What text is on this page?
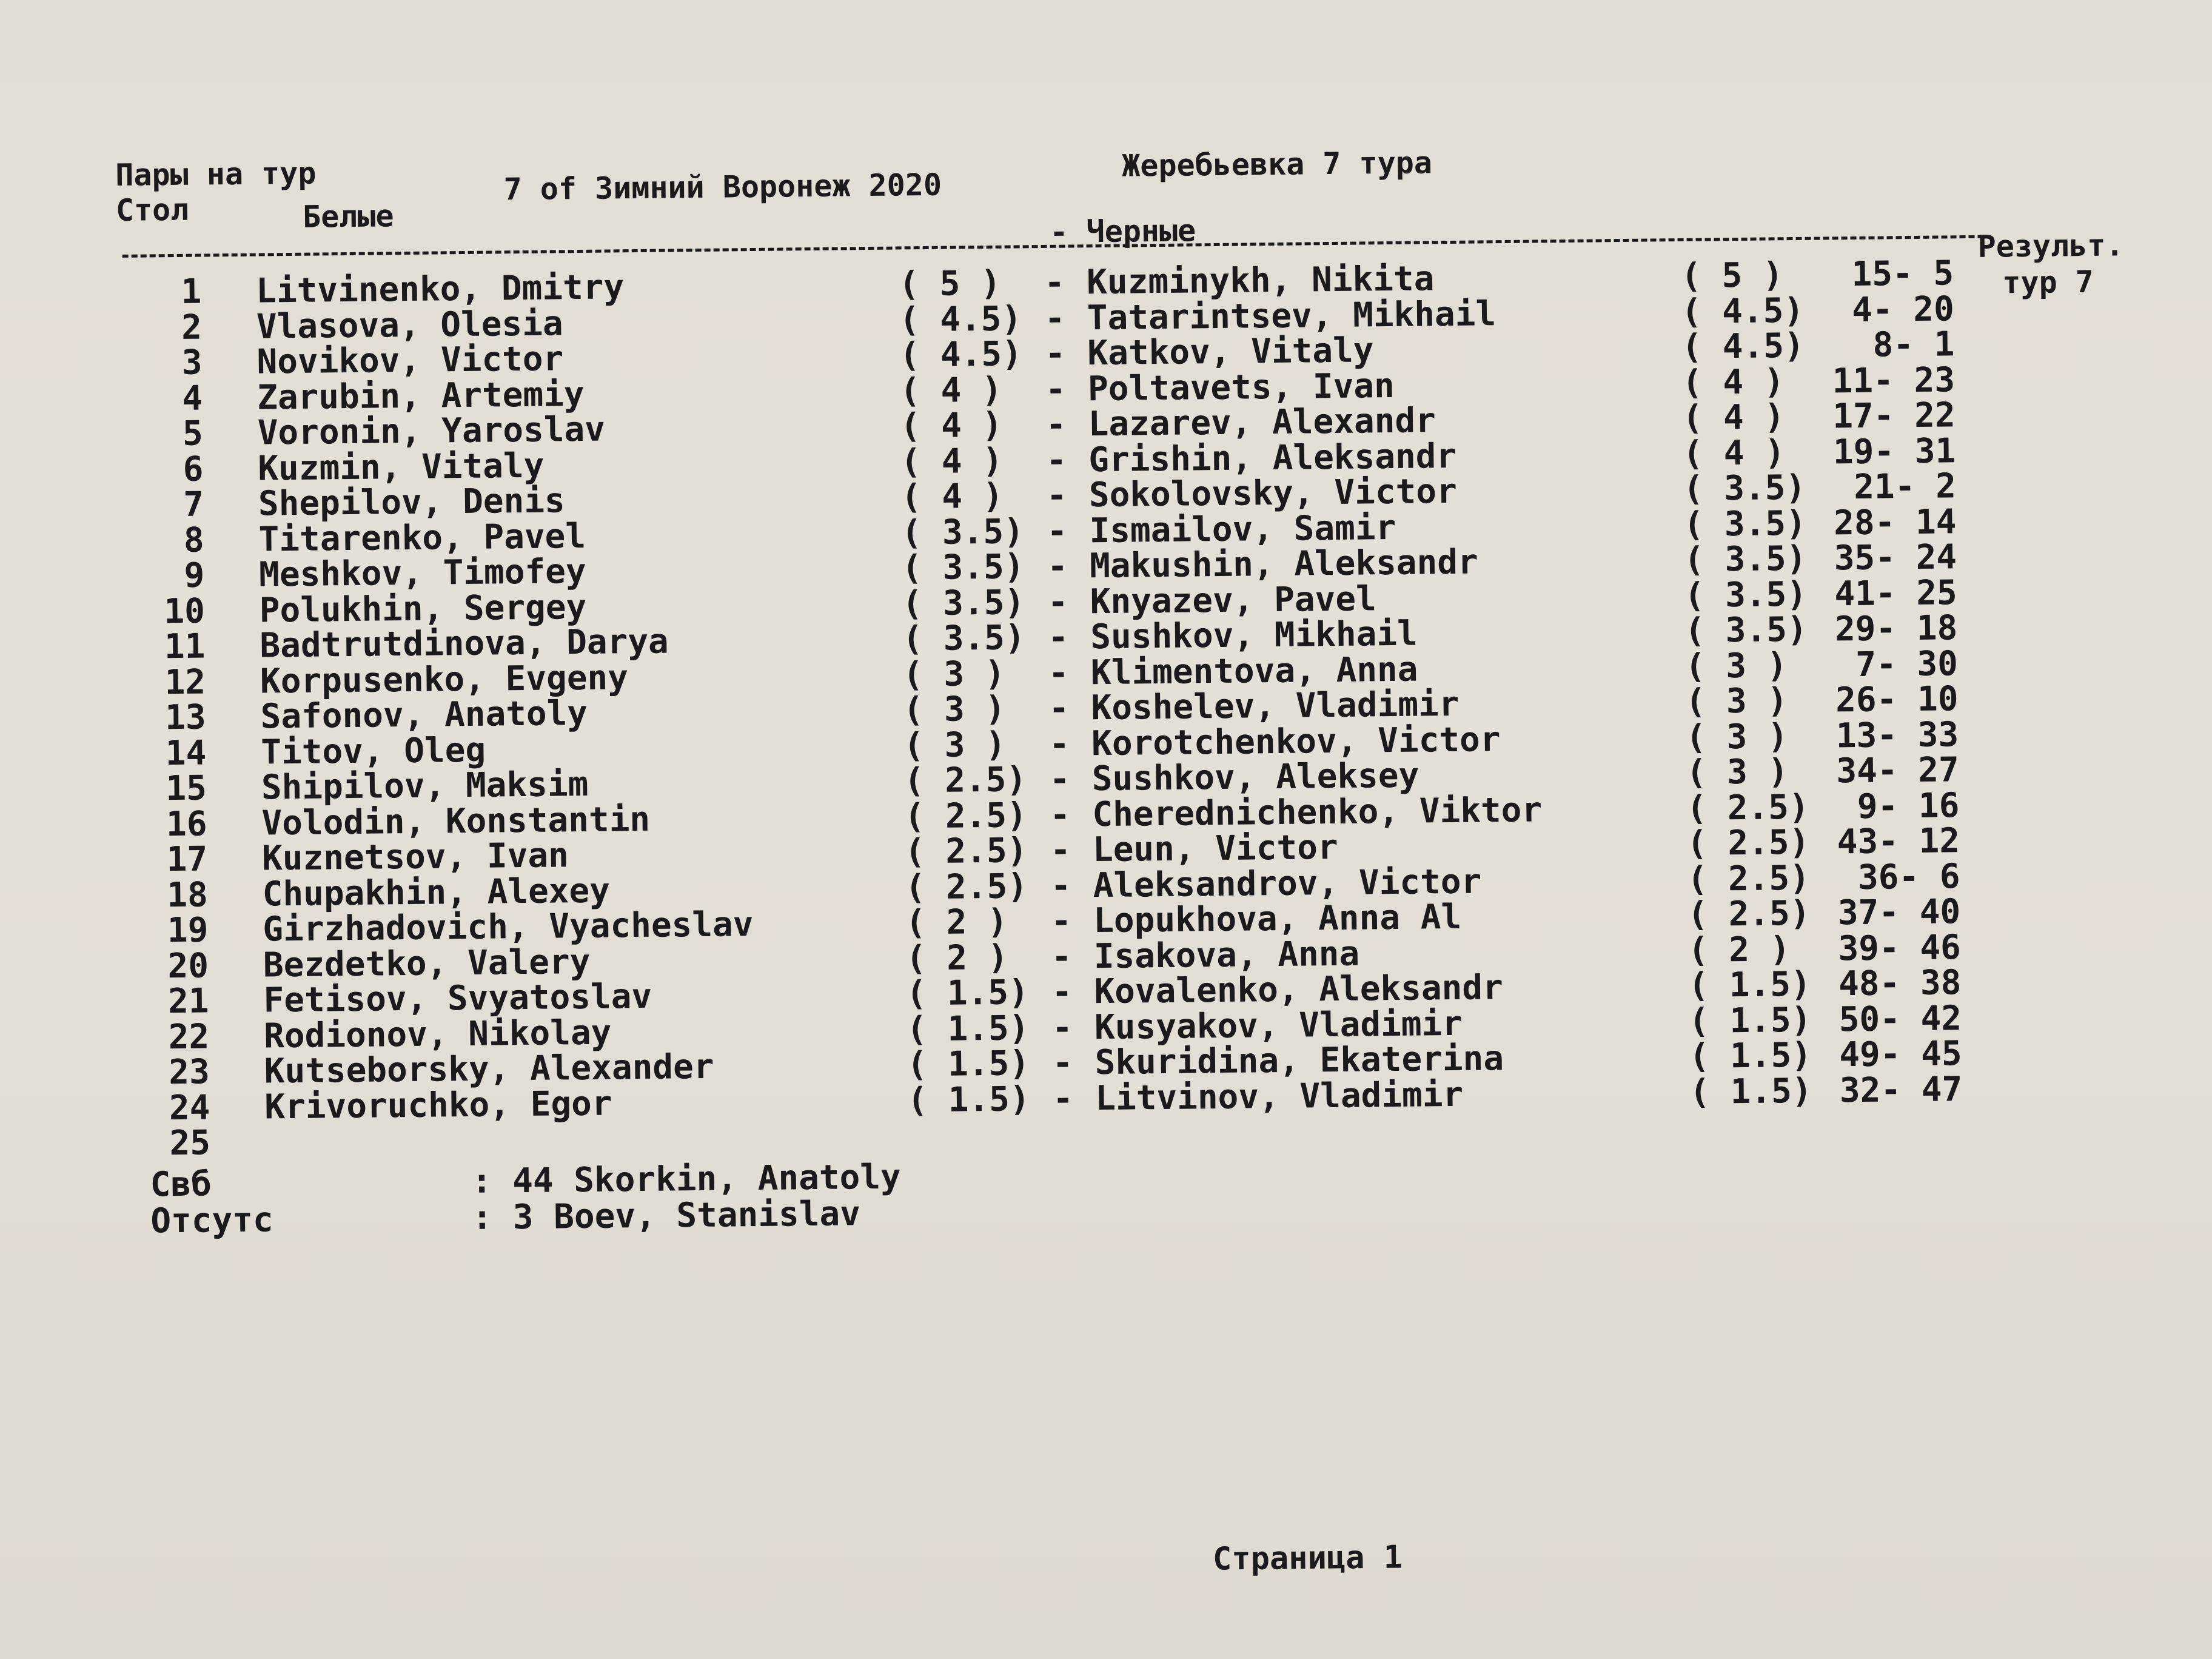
Пары на тур	7 of Зимний Воронеж 2020
Жеребьевка 7 тура
Стол	Белые	- Черные	Результ.
тур 7
1 Litvinenko, Dmitry	( 5 ) - Kuzminykh, Nikita	( 5 )	15- 5
2 Vlasova, Olesia	( 4.5) - Tatarintsev, Mikhail	( 4.5)	4- 20
3 Novikov, Victor	( 4.5) - Katkov, Vitaly	( 4.5)	8- 1
4 Zarubin, Artemiy	( 4 ) - Poltavets, Ivan	( 4 )	11- 23
5 Voronin, Yaroslav	( 4 ) - Lazarev, Alexandr	( 4 )	17- 22
6 Kuzmin, Vitaly	( 4 ) - Grishin, Aleksandr	( 4 )	19- 31
7 Shepilov, Denis	( 4 ) - Sokolovsky, Victor	( 3.5)	21- 2
8 Titarenko, Pavel	( 3.5) - Ismailov, Samir	( 3.5) 28- 14
9 Meshkov, Timofey	( 3.5) - Makushin, Aleksandr	( 3.5) 35- 24
10 Polukhin, Sergey	( 3.5) - Knyazev, Pavel	( 3.5) 41- 25
11 Badtrutdinova, Darya	( 3.5) - Sushkov, Mikhail	( 3.5) 29- 18
12 Korpusenko, Evgeny	( 3 ) - Klimentova, Anna	( 3 )	7- 30
13 Safonov, Anatoly	( 3 ) - Koshelev, Vladimir	( 3 )	26- 10
14 Titov, Oleg	( 3 ) - Korotchenkov, Victor	( 3 )	13- 33
15 Shipilov, Maksim	( 2.5) - Sushkov, Aleksey	( 3 )	34- 27
16 Volodin, Konstantin	( 2.5) - Cherednichenko, Viktor	( 2.5)	9- 16
17 Kuznetsov, Ivan	( 2.5) - Leun, Victor	( 2.5) 43- 12
18 Chupakhin, Alexey	( 2.5) - Aleksandrov, Victor	( 2.5)	36- 6
19 Girzhadovich, Vyacheslav	( 2 ) - Lopukhova, Anna Al	( 2.5) 37- 40
20 Bezdetko, Valery	( 2 ) - Isakova, Anna	( 2 )	39- 46
21 Fetisov, Svyatoslav	( 1.5) - Kovalenko, Aleksandr	( 1.5) 48- 38
22 Rodionov, Nikolay	( 1.5) - Kusyakov, Vladimir	( 1.5) 50- 42
23 Kutseborsky, Alexander	( 1.5) - Skuridina, Ekaterina	( 1.5) 49- 45
24 Krivoruchko, Egor	( 1.5) - Litvinov, Vladimir	( 1.5) 32- 47
25
Свб	: 44 Skorkin, Anatoly
Отсутс	: 3 Boev, Stanislav
Страница 1
